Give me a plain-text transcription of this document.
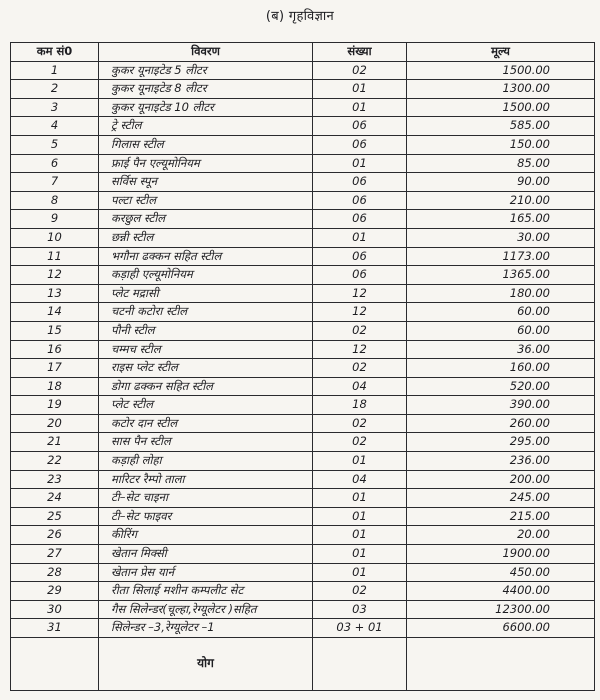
(ब) गृहविज्ञान
कम सं0	विवरण	संख्या	मूल्य
1	कुकर यूनाइटेड 5 लीटर	02	1500.00
2	कुकर यूनाइटेड 8 लीटर	01	1300.00
3	कुकर यूनाइटेड 10 लीटर	01	1500.00
4	ट्रे स्टील	06	585.00
5	गिलास स्टील	06	150.00
6	फ्राई पैन एल्यूमोनियम	01	85.00
7	सर्विस स्पून	06	90.00
8	पल्टा स्टील	06	210.00
9	करछुल स्टील	06	165.00
10	छन्नी स्टील	01	30.00
11	भगौना ढक्कन सहित स्टील	06	1173.00
12	कड़ाही एल्यूमोनियम	06	1365.00
13	प्लेट मद्रासी	12	180.00
14	चटनी कटोरा स्टील	12	60.00
15	पौनी स्टील	02	60.00
16	चम्मच स्टील	12	36.00
17	राइस प्लेट स्टील	02	160.00
18	डोगा ढक्कन सहित स्टील	04	520.00
19	प्लेट स्टील	18	390.00
20	कटोर दान स्टील	02	260.00
21	सास पैन स्टील	02	295.00
22	कड़ाही लोहा	01	236.00
23	मारिटर रैम्पो ताला	04	200.00
24	टी–सेट चाइना	01	245.00
25	टी–सेट फाइवर	01	215.00
26	कीरिंग	01	20.00
27	खेतान मिक्सी	01	1900.00
28	खेतान प्रेस यार्न	01	450.00
29	रीता सिलाई मशीन कम्पलीट सेट	02	4400.00
30	गैस सिलेन्डर(चूल्हा,रेग्यूलेटर )सहित	03	12300.00
31	सिलेन्डर –3,रेग्यूलेटर –1	03 + 01	6600.00
	योग		
